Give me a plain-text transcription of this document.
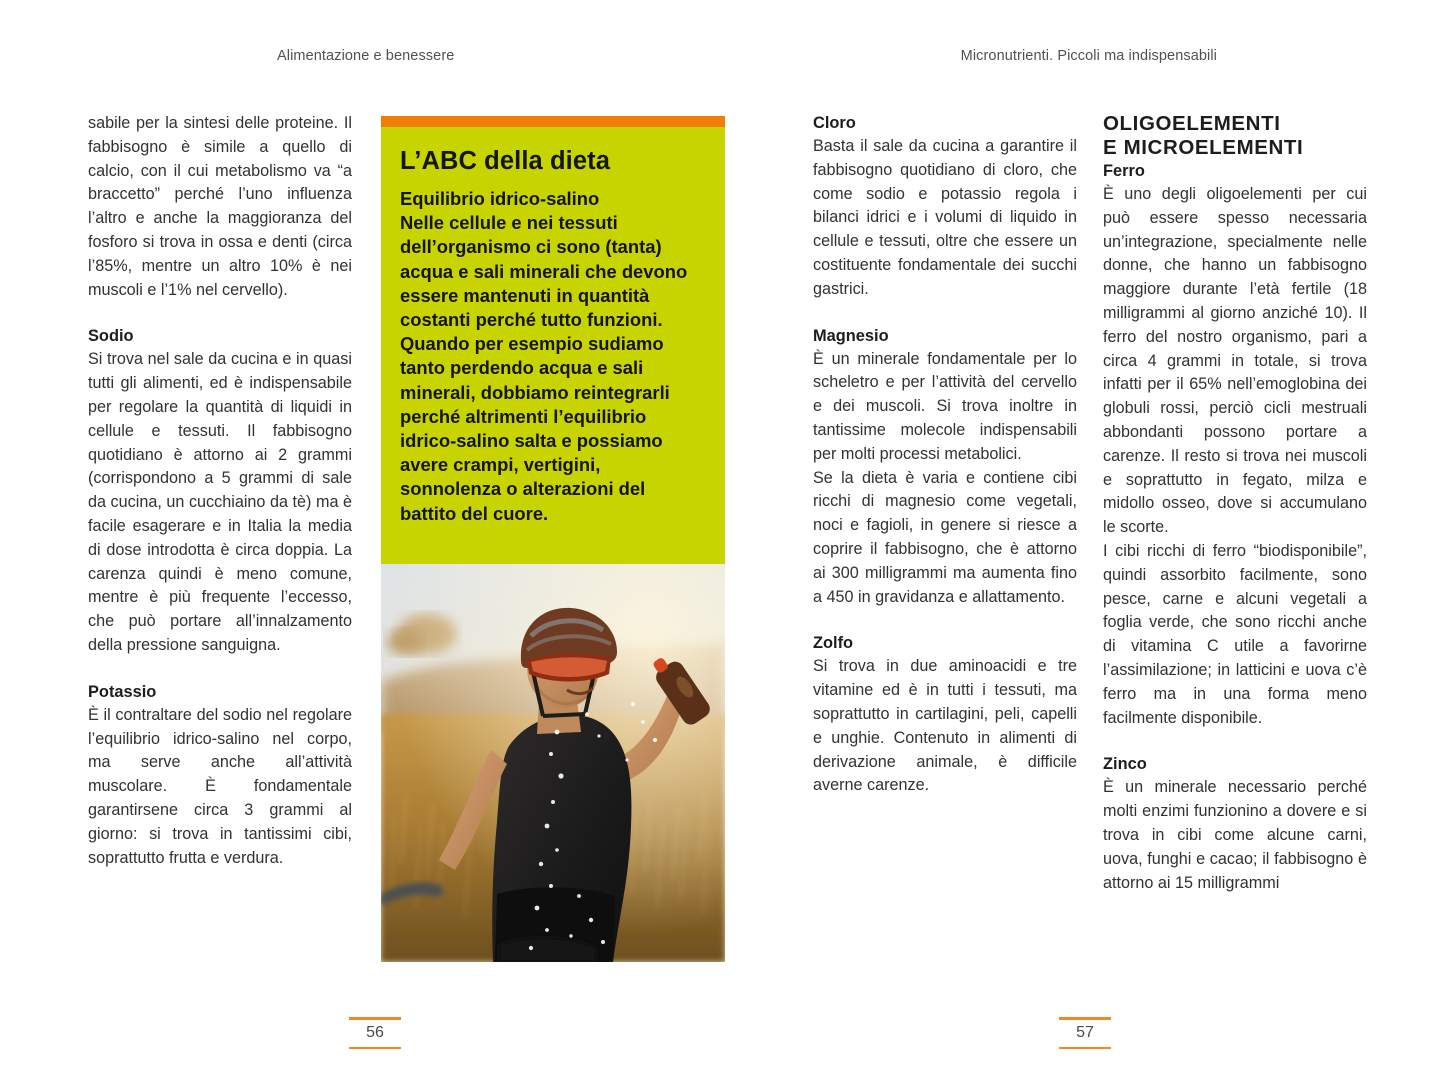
Alimentazione e benessere	Micronutrienti. Piccoli ma indispensabili

sabile per la sintesi delle proteine. Il fabbisogno è simile a quello di calcio, con il cui metabolismo va “a braccetto” perché l’uno influenza l’altro e anche la maggioranza del fosforo si trova in ossa e denti (circa l’85%, mentre un altro 10% è nei muscoli e l’1% nel cervello).

Sodio

Si trova nel sale da cucina e in quasi tutti gli alimenti, ed è indispensabile per regolare la quantità di liquidi in cellule e tessuti. Il fabbisogno quotidiano è attorno ai 2 grammi (corrispondono a 5 grammi di sale da cucina, un cucchiaino da tè) ma è facile esagerare e in Italia la media di dose introdotta è circa doppia. La carenza quindi è meno comune, mentre è più frequente l’eccesso, che può portare all’innalzamento della pressione sanguigna.

Potassio

È il contraltare del sodio nel regolare l’equilibrio idrico-salino nel corpo, ma serve anche all’attività muscolare. È fondamentale garantirsene circa 3 grammi al giorno: si trova in tantissimi cibi, soprattutto frutta e verdura.

L’ABC della dieta

Equilibrio idrico-salino

Nelle cellule e nei tessuti dell’organismo ci sono (tanta) acqua e sali minerali che devono essere mantenuti in quantità costanti perché tutto funzioni. Quando per esempio sudiamo tanto perdendo acqua e sali minerali, dobbiamo reintegrarli perché altrimenti l’equilibrio idrico-salino salta e possiamo avere crampi, vertigini, sonnolenza o alterazioni del battito del cuore.

Cloro

Basta il sale da cucina a garantire il fabbisogno quotidiano di cloro, che come sodio e potassio regola i bilanci idrici e i volumi di liquido in cellule e tessuti, oltre che essere un costituente fondamentale dei succhi gastrici.

Magnesio

È un minerale fondamentale per lo scheletro e per l’attività del cervello e dei muscoli. Si trova inoltre in tantissime molecole indispensabili per molti processi metabolici.

Se la dieta è varia e contiene cibi ricchi di magnesio come vegetali, noci e fagioli, in genere si riesce a coprire il fabbisogno, che è attorno ai 300 milligrammi ma aumenta fino a 450 in gravidanza e allattamento.

Zolfo

Si trova in due aminoacidi e tre vitamine ed è in tutti i tessuti, ma soprattutto in cartilagini, peli, capelli e unghie. Contenuto in alimenti di derivazione animale, è difficile averne carenze.

OLIGOELEMENTI
E MICROELEMENTI
Ferro

È uno degli oligoelementi per cui può essere spesso necessaria un’integrazione, specialmente nelle donne, che hanno un fabbisogno maggiore durante l’età fertile (18 milligrammi al giorno anziché 10). Il ferro del nostro organismo, pari a circa 4 grammi in totale, si trova infatti per il 65% nell’emoglobina dei globuli rossi, perciò cicli mestruali abbondanti possono portare a carenze. Il resto si trova nei muscoli e soprattutto in fegato, milza e midollo osseo, dove si accumulano le scorte.

I cibi ricchi di ferro “biodisponibile”, quindi assorbito facilmente, sono pesce, carne e alcuni vegetali a foglia verde, che sono ricchi anche di vitamina C utile a favorirne l’assimilazione; in latticini e uova c’è ferro ma in una forma meno facilmente disponibile.

Zinco

È un minerale necessario perché molti enzimi funzionino a dovere e si trova in cibi come alcune carni, uova, funghi e cacao; il fabbisogno è attorno ai 15 milligrammi

56	57
